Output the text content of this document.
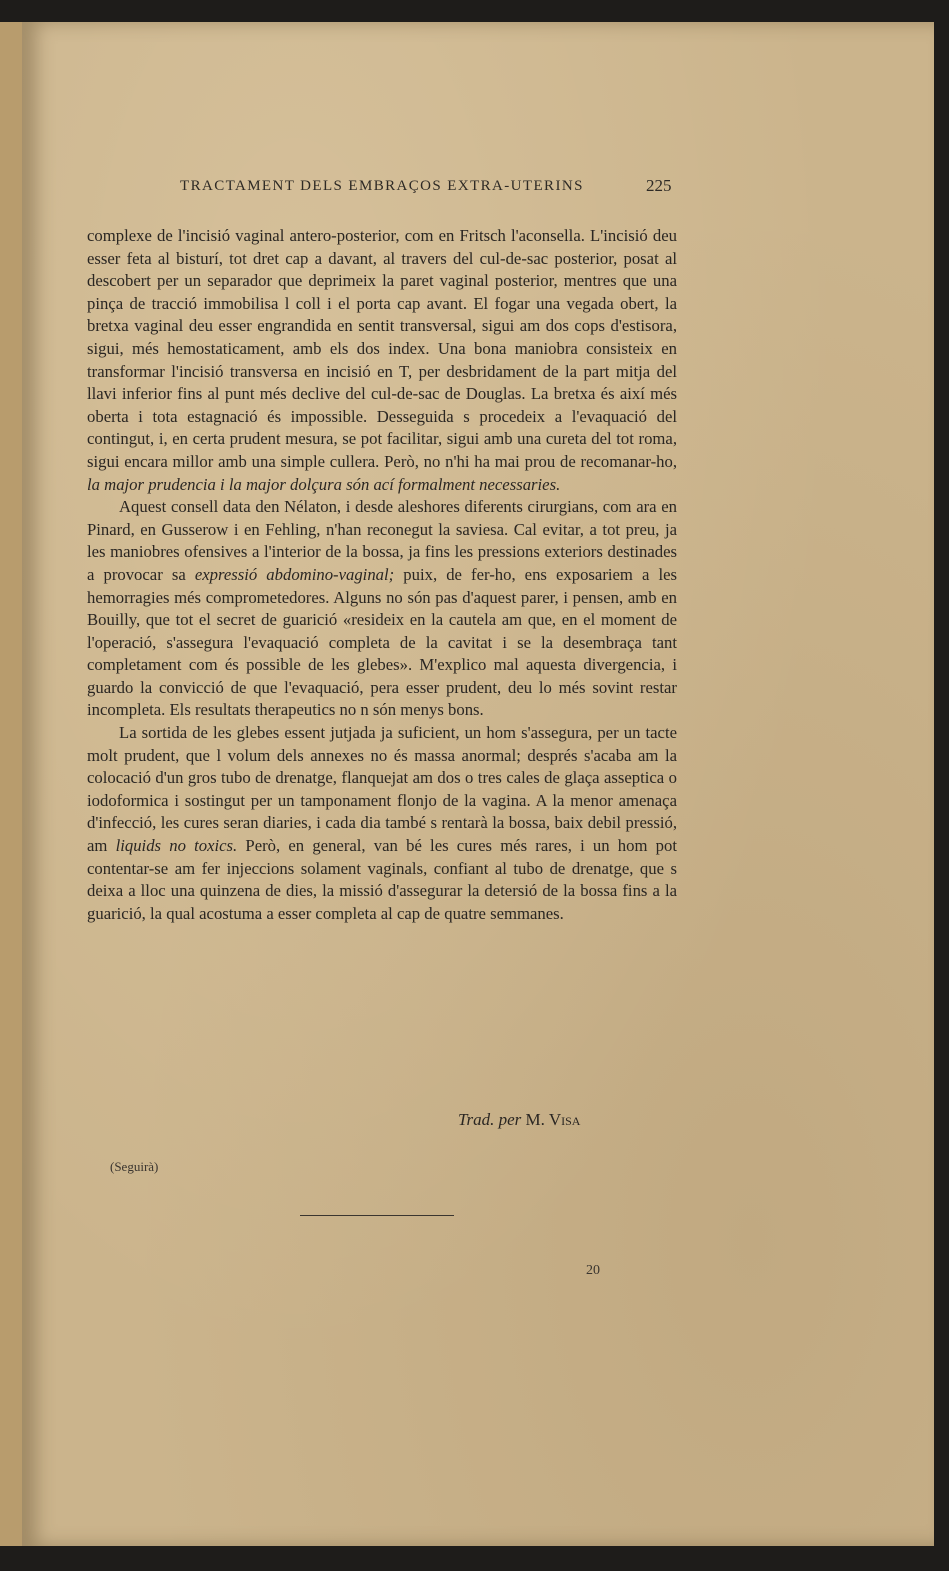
TRACTAMENT DELS EMBRAÇOS EXTRA-UTERINS	225

complexe de l'incisió vaginal antero-posterior, com en Fritsch l'aconsella. L'incisió deu esser feta al bisturí, tot dret cap a davant, al travers del cul-de-sac posterior, posat al descobert per un separador que deprimeix la paret vaginal posterior, mentres que una pinça de tracció immobilisa l coll i el porta cap avant. El fogar una vegada obert, la bretxa vaginal deu esser engrandida en sentit transversal, sigui am dos cops d'estisora, sigui, més hemostaticament, amb els dos index. Una bona maniobra consisteix en transformar l'incisió transversa en incisió en T, per desbridament de la part mitja del llavi inferior fins al punt més declive del cul-de-sac de Douglas. La bretxa és així més oberta i tota estagnació és impossible. Desseguida s procedeix a l'evaquació del contingut, i, en certa prudent mesura, se pot facilitar, sigui amb una cureta del tot roma, sigui encara millor amb una simple cullera. Però, no n'hi ha mai prou de recomanar-ho, la major prudencia i la major dolçura són ací formalment necessaries.

Aquest consell data den Nélaton, i desde aleshores diferents cirurgians, com ara en Pinard, en Gusserow i en Fehling, n'han reconegut la saviesa. Cal evitar, a tot preu, ja les maniobres ofensives a l'interior de la bossa, ja fins les pressions exteriors destinades a provocar sa expressió abdomino-vaginal; puix, de fer-ho, ens exposariem a les hemorragies més comprometedores. Alguns no són pas d'aquest parer, i pensen, amb en Bouilly, que tot el secret de guarició «resideix en la cautela am que, en el moment de l'operació, s'assegura l'evaquació completa de la cavitat i se la desembraça tant completament com és possible de les glebes». M'explico mal aquesta divergencia, i guardo la convicció de que l'evaquació, pera esser prudent, deu lo més sovint restar incompleta. Els resultats therapeutics no n són menys bons.

La sortida de les glebes essent jutjada ja suficient, un hom s'assegura, per un tacte molt prudent, que l volum dels annexes no és massa anormal; després s'acaba am la colocació d'un gros tubo de drenatge, flanquejat am dos o tres cales de glaça asseptica o iodoformica i sostingut per un tamponament flonjo de la vagina. A la menor amenaça d'infecció, les cures seran diaries, i cada dia també s rentarà la bossa, baix debil pressió, am liquids no toxics. Però, en general, van bé les cures més rares, i un hom pot contentar-se am fer injeccions solament vaginals, confiant al tubo de drenatge, que s deixa a lloc una quinzena de dies, la missió d'assegurar la detersió de la bossa fins a la guarició, la qual acostuma a esser completa al cap de quatre semmanes.

Trad. per M. Visa
(Seguirà)
20
